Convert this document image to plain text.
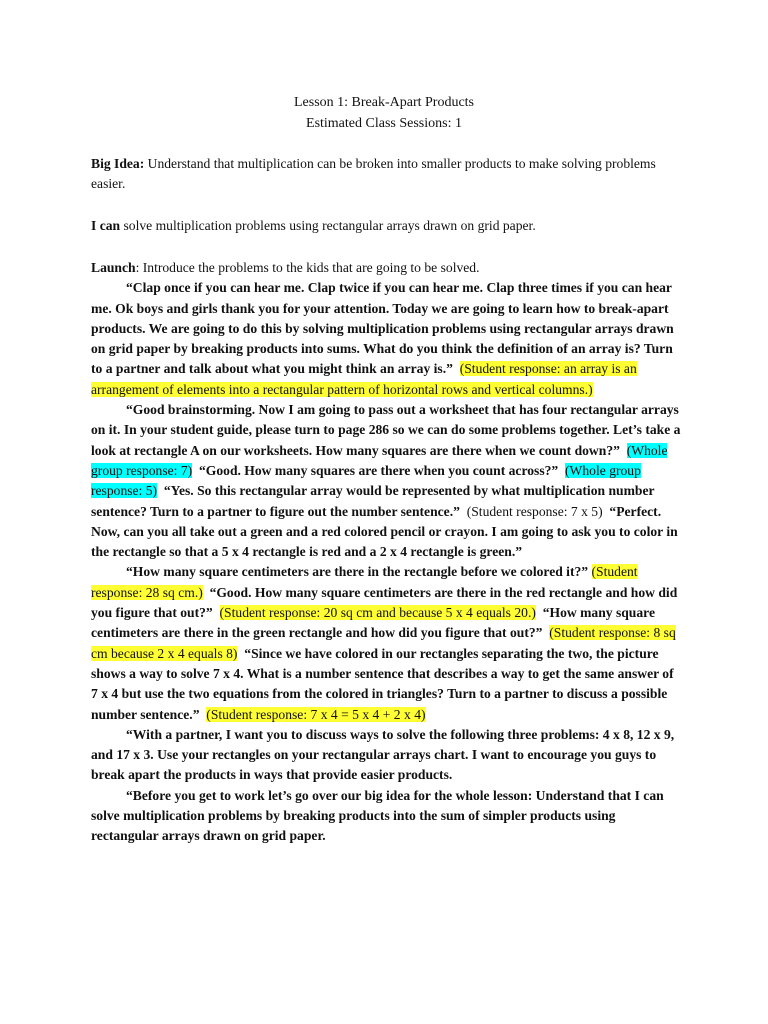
Lesson 1: Break-Apart Products
Estimated Class Sessions: 1
Big Idea: Understand that multiplication can be broken into smaller products to make solving problems easier.
I can solve multiplication problems using rectangular arrays drawn on grid paper.

Launch: Introduce the problems to the kids that are going to be solved.

“Clap once if you can hear me. Clap twice if you can hear me. Clap three times if you can hear me. Ok boys and girls thank you for your attention. Today we are going to learn how to break-apart products. We are going to do this by solving multiplication problems using rectangular arrays drawn on grid paper by breaking products into sums. What do you think the definition of an array is? Turn to a partner and talk about what you might think an array is.” (Student response: an array is an arrangement of elements into a rectangular pattern of horizontal rows and vertical columns.)

“Good brainstorming. Now I am going to pass out a worksheet that has four rectangular arrays on it. In your student guide, please turn to page 286 so we can do some problems together. Let’s take a look at rectangle A on our worksheets. How many squares are there when we count down?” (Whole group response: 7) “Good. How many squares are there when you count across?” (Whole group response: 5) “Yes. So this rectangular array would be represented by what multiplication number sentence? Turn to a partner to figure out the number sentence.” (Student response: 7 x 5) “Perfect. Now, can you all take out a green and a red colored pencil or crayon. I am going to ask you to color in the rectangle so that a 5 x 4 rectangle is red and a 2 x 4 rectangle is green.”

“How many square centimeters are there in the rectangle before we colored it?” (Student response: 28 sq cm.) “Good. How many square centimeters are there in the red rectangle and how did you figure that out?” (Student response: 20 sq cm and because 5 x 4 equals 20.) “How many square centimeters are there in the green rectangle and how did you figure that out?” (Student response: 8 sq cm because 2 x 4 equals 8) “Since we have colored in our rectangles separating the two, the picture shows a way to solve 7 x 4. What is a number sentence that describes a way to get the same answer of 7 x 4 but use the two equations from the colored in triangles? Turn to a partner to discuss a possible number sentence.” (Student response: 7 x 4 = 5 x 4 + 2 x 4)

“With a partner, I want you to discuss ways to solve the following three problems: 4 x 8, 12 x 9, and 17 x 3. Use your rectangles on your rectangular arrays chart. I want to encourage you guys to break apart the products in ways that provide easier products.

“Before you get to work let’s go over our big idea for the whole lesson: Understand that I can solve multiplication problems by breaking products into the sum of simpler products using rectangular arrays drawn on grid paper.
